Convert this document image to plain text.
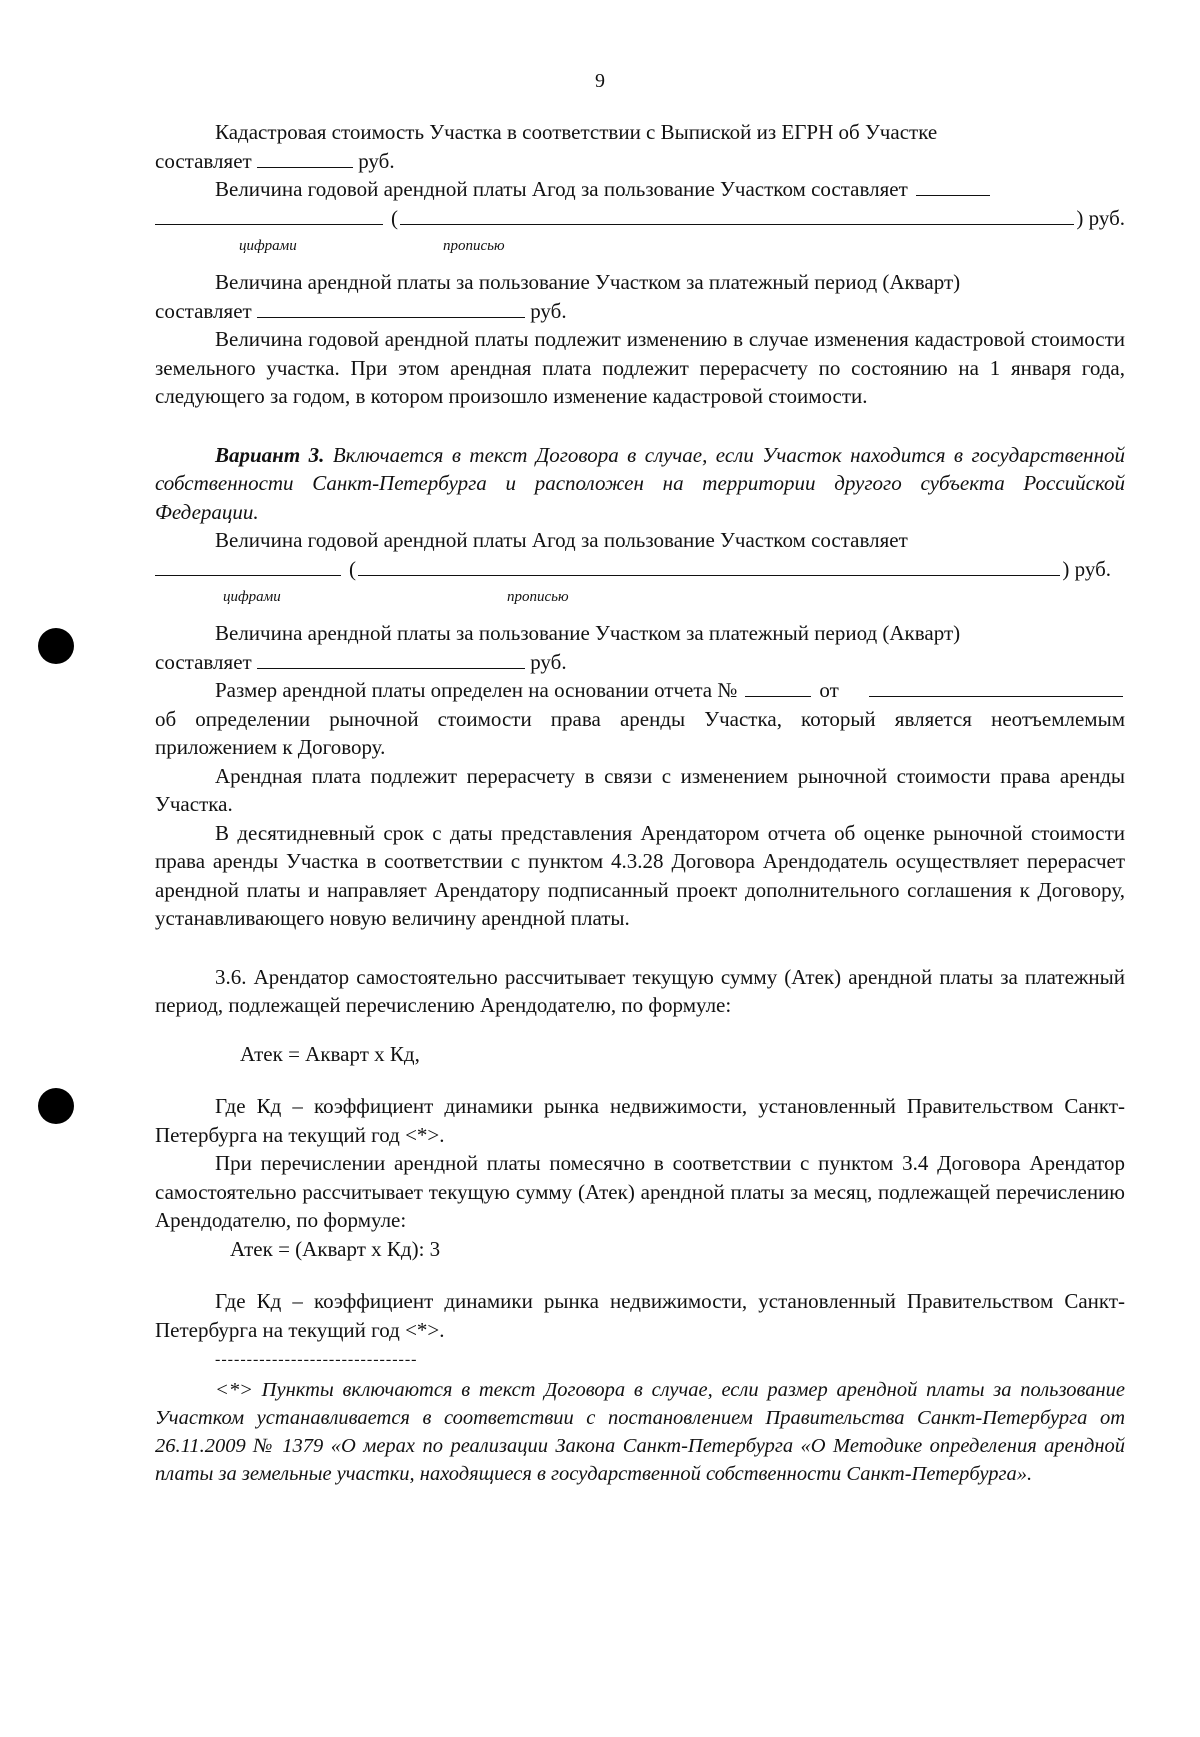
9

Кадастровая стоимость Участка в соответствии с Выпиской из ЕГРН об Участке

составляет	руб.

Величина годовой арендной платы Агод за пользование Участком составляет
(	) руб.
цифрами	прописью

Величина арендной платы за пользование Участком за платежный период (Акварт)

составляет	руб.

Величина годовой арендной платы подлежит изменению в случае изменения кадастровой стоимости земельного участка. При этом арендная плата подлежит перерасчету по состоянию на 1 января года, следующего за годом, в котором произошло изменение кадастровой стоимости.

Вариант 3. Включается в текст Договора в случае, если Участок находится в государственной собственности Санкт-Петербурга и расположен на территории другого субъекта Российской Федерации.

Величина годовой арендной платы Агод за пользование Участком составляет

(	) руб.
цифрами	прописью

Величина арендной платы за пользование Участком за платежный период (Акварт)

составляет	руб.

Размер арендной платы определен на основании отчета №	от

об определении рыночной стоимости права аренды Участка, который является неотъемлемым приложением к Договору.

Арендная плата подлежит перерасчету в связи с изменением рыночной стоимости права аренды Участка.

В десятидневный срок с даты представления Арендатором отчета об оценке рыночной стоимости права аренды Участка в соответствии с пунктом 4.3.28 Договора Арендодатель осуществляет перерасчет арендной платы и направляет Арендатору подписанный проект дополнительного соглашения к Договору, устанавливающего новую величину арендной платы.

3.6. Арендатор самостоятельно рассчитывает текущую сумму (Атек) арендной платы за платежный период, подлежащей перечислению Арендодателю, по формуле:

Атек = Акварт х Кд,

Где Кд – коэффициент динамики рынка недвижимости, установленный Правительством Санкт-Петербурга на текущий год <*>.

При перечислении арендной платы помесячно в соответствии с пунктом 3.4 Договора Арендатор самостоятельно рассчитывает текущую сумму (Атек) арендной платы за месяц, подлежащей перечислению Арендодателю, по формуле:

Атек = (Акварт х Кд): 3

Где Кд – коэффициент динамики рынка недвижимости, установленный Правительством Санкт-Петербурга на текущий год <*>.

--------------------------------

<*> Пункты включаются в текст Договора в случае, если размер арендной платы за пользование Участком устанавливается в соответствии с постановлением Правительства Санкт-Петербурга от 26.11.2009 № 1379 «О мерах по реализации Закона Санкт-Петербурга «О Методике определения арендной платы за земельные участки, находящиеся в государственной собственности Санкт-Петербурга».
